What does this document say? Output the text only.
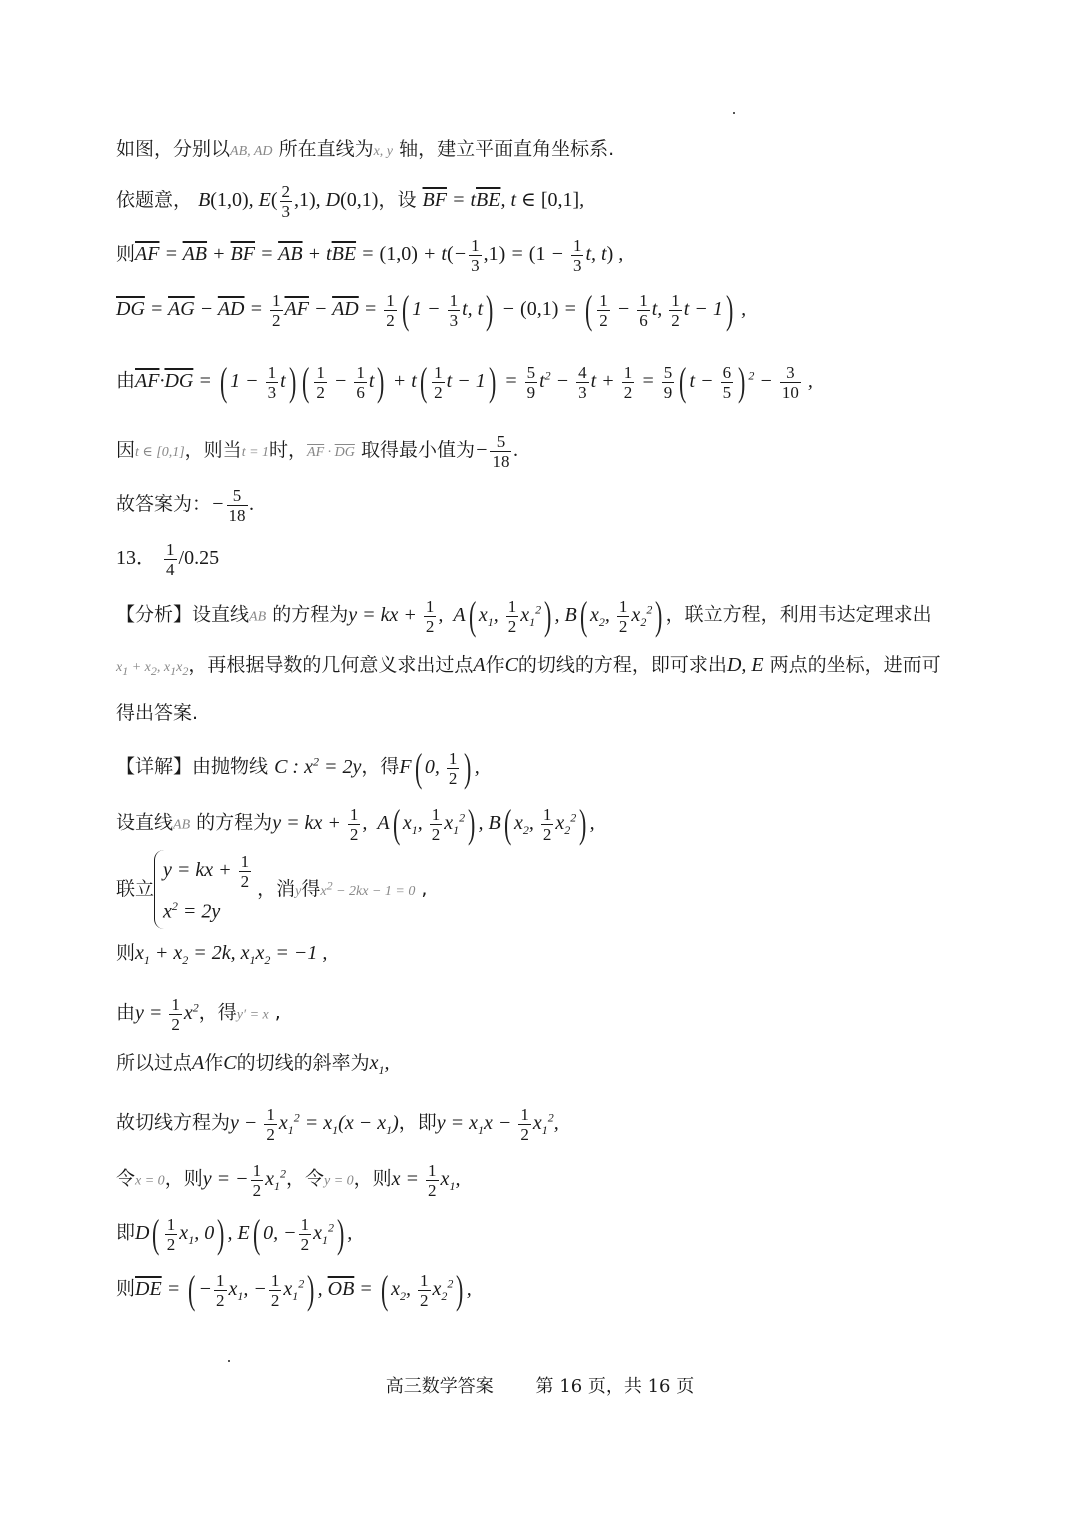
如图，分别以AB, AD 所在直线为x, y 轴，建立平面直角坐标系.
依题意， B(1,0), $E( \frac{2}{3} ,1)$, D(0,1)，设 $\overline{BF} = t\overline{BE}$, t ∈ [0,1],
则$\overline{AF} = \overline{AB} + \overline{BF} = \overline{AB} + t\overline{BE} = (1,0) + t(- \frac{1}{3} ,1) = (1 - \frac{1}{3} t$, t) ,
$\overline{DG} = \overline{AG} - \overline{AD} = \frac{1}{2} \overline{AF} - \overline{AD} = \frac{1}{2}$ ( $1 - \frac{1}{3} t$, t) − (0,1) = ( $\frac{1}{2} - \frac{1}{6} t$, $\frac{1}{2}$ t − 1) ,
由$\overline{AF}\cdot\overline{DG}$ = ( $1 - \frac{1}{3} t$) ( $\frac{1}{2} - \frac{1}{6} t) + t( \frac{1}{2}$ $t - 1) = \frac{5}{9} t^2 - \frac{4}{3}$ $t + \frac{1}{2} = \frac{5}{9}$ ( $t - \frac{6}{5}$ ) $^2 - \frac{3}{10}$ ,
因t ∈ [0,1]，则当t = 1时，$\overline{AF} \cdot \overline{DG}$ 取得最小值为− $\frac{5}{18}$ .
故答案为：− $\frac{5}{18}$ .
13． $\frac{1}{4} /0.25$
【分析】设直线AB 的方程为y = kx + $\frac{1}{2}$ ,  A( $x_1$, $\frac{1}{2} x_1^2$) , B( $x_2$, $\frac{1}{2} x_2^2$) ，联立方程，利用韦达定理求出
$x_1 + x_2$, $x_1x_2$，再根据导数的几何意义求出过点A作C的切线的方程，即可求出D, E 两点的坐标，进而可
得出答案.
【详解】由抛物线 C : $x^2 = 2y$，得F( 0, $\frac{1}{2}$ ) ,
设直线AB 的方程为y = kx + $\frac{1}{2}$ ,  A( $x_1$, $\frac{1}{2} x_1^2$) , B( $x_2$, $\frac{1}{2} x_2^2$) ,
联立
y = kx + $\frac{1}{2}$
$x^2 = 2y$
，消y得$x^2 - 2kx - 1 = 0$ ,
则$x_1 + x_2 = 2k$, $x_1x_2 = -1$ ,
由$y = \frac{1}{2} x^2$，得y′ = x ,
所以过点A作C的切线的斜率为$x_1$,
故切线方程为$y - \frac{1}{2} x_1^2 = x_1(x - x_1)$，即$y = x_1x - \frac{1}{2} x_1^2$,
令x = 0，则y = − $\frac{1}{2} x_1^2$，令y = 0，则$x = \frac{1}{2} x_1$,
即$D( \frac{1}{2} x_1$, 0) , E( 0, − $\frac{1}{2} x_1^2$) ,
则$\overline{DE}$ = ( − $\frac{1}{2} x_1$, − $\frac{1}{2} x_1^2$) , $\overline{OB}$ = ( $x_2$, $\frac{1}{2} x_2^2$) ,
高三数学答案 第 16 页，共 16 页
